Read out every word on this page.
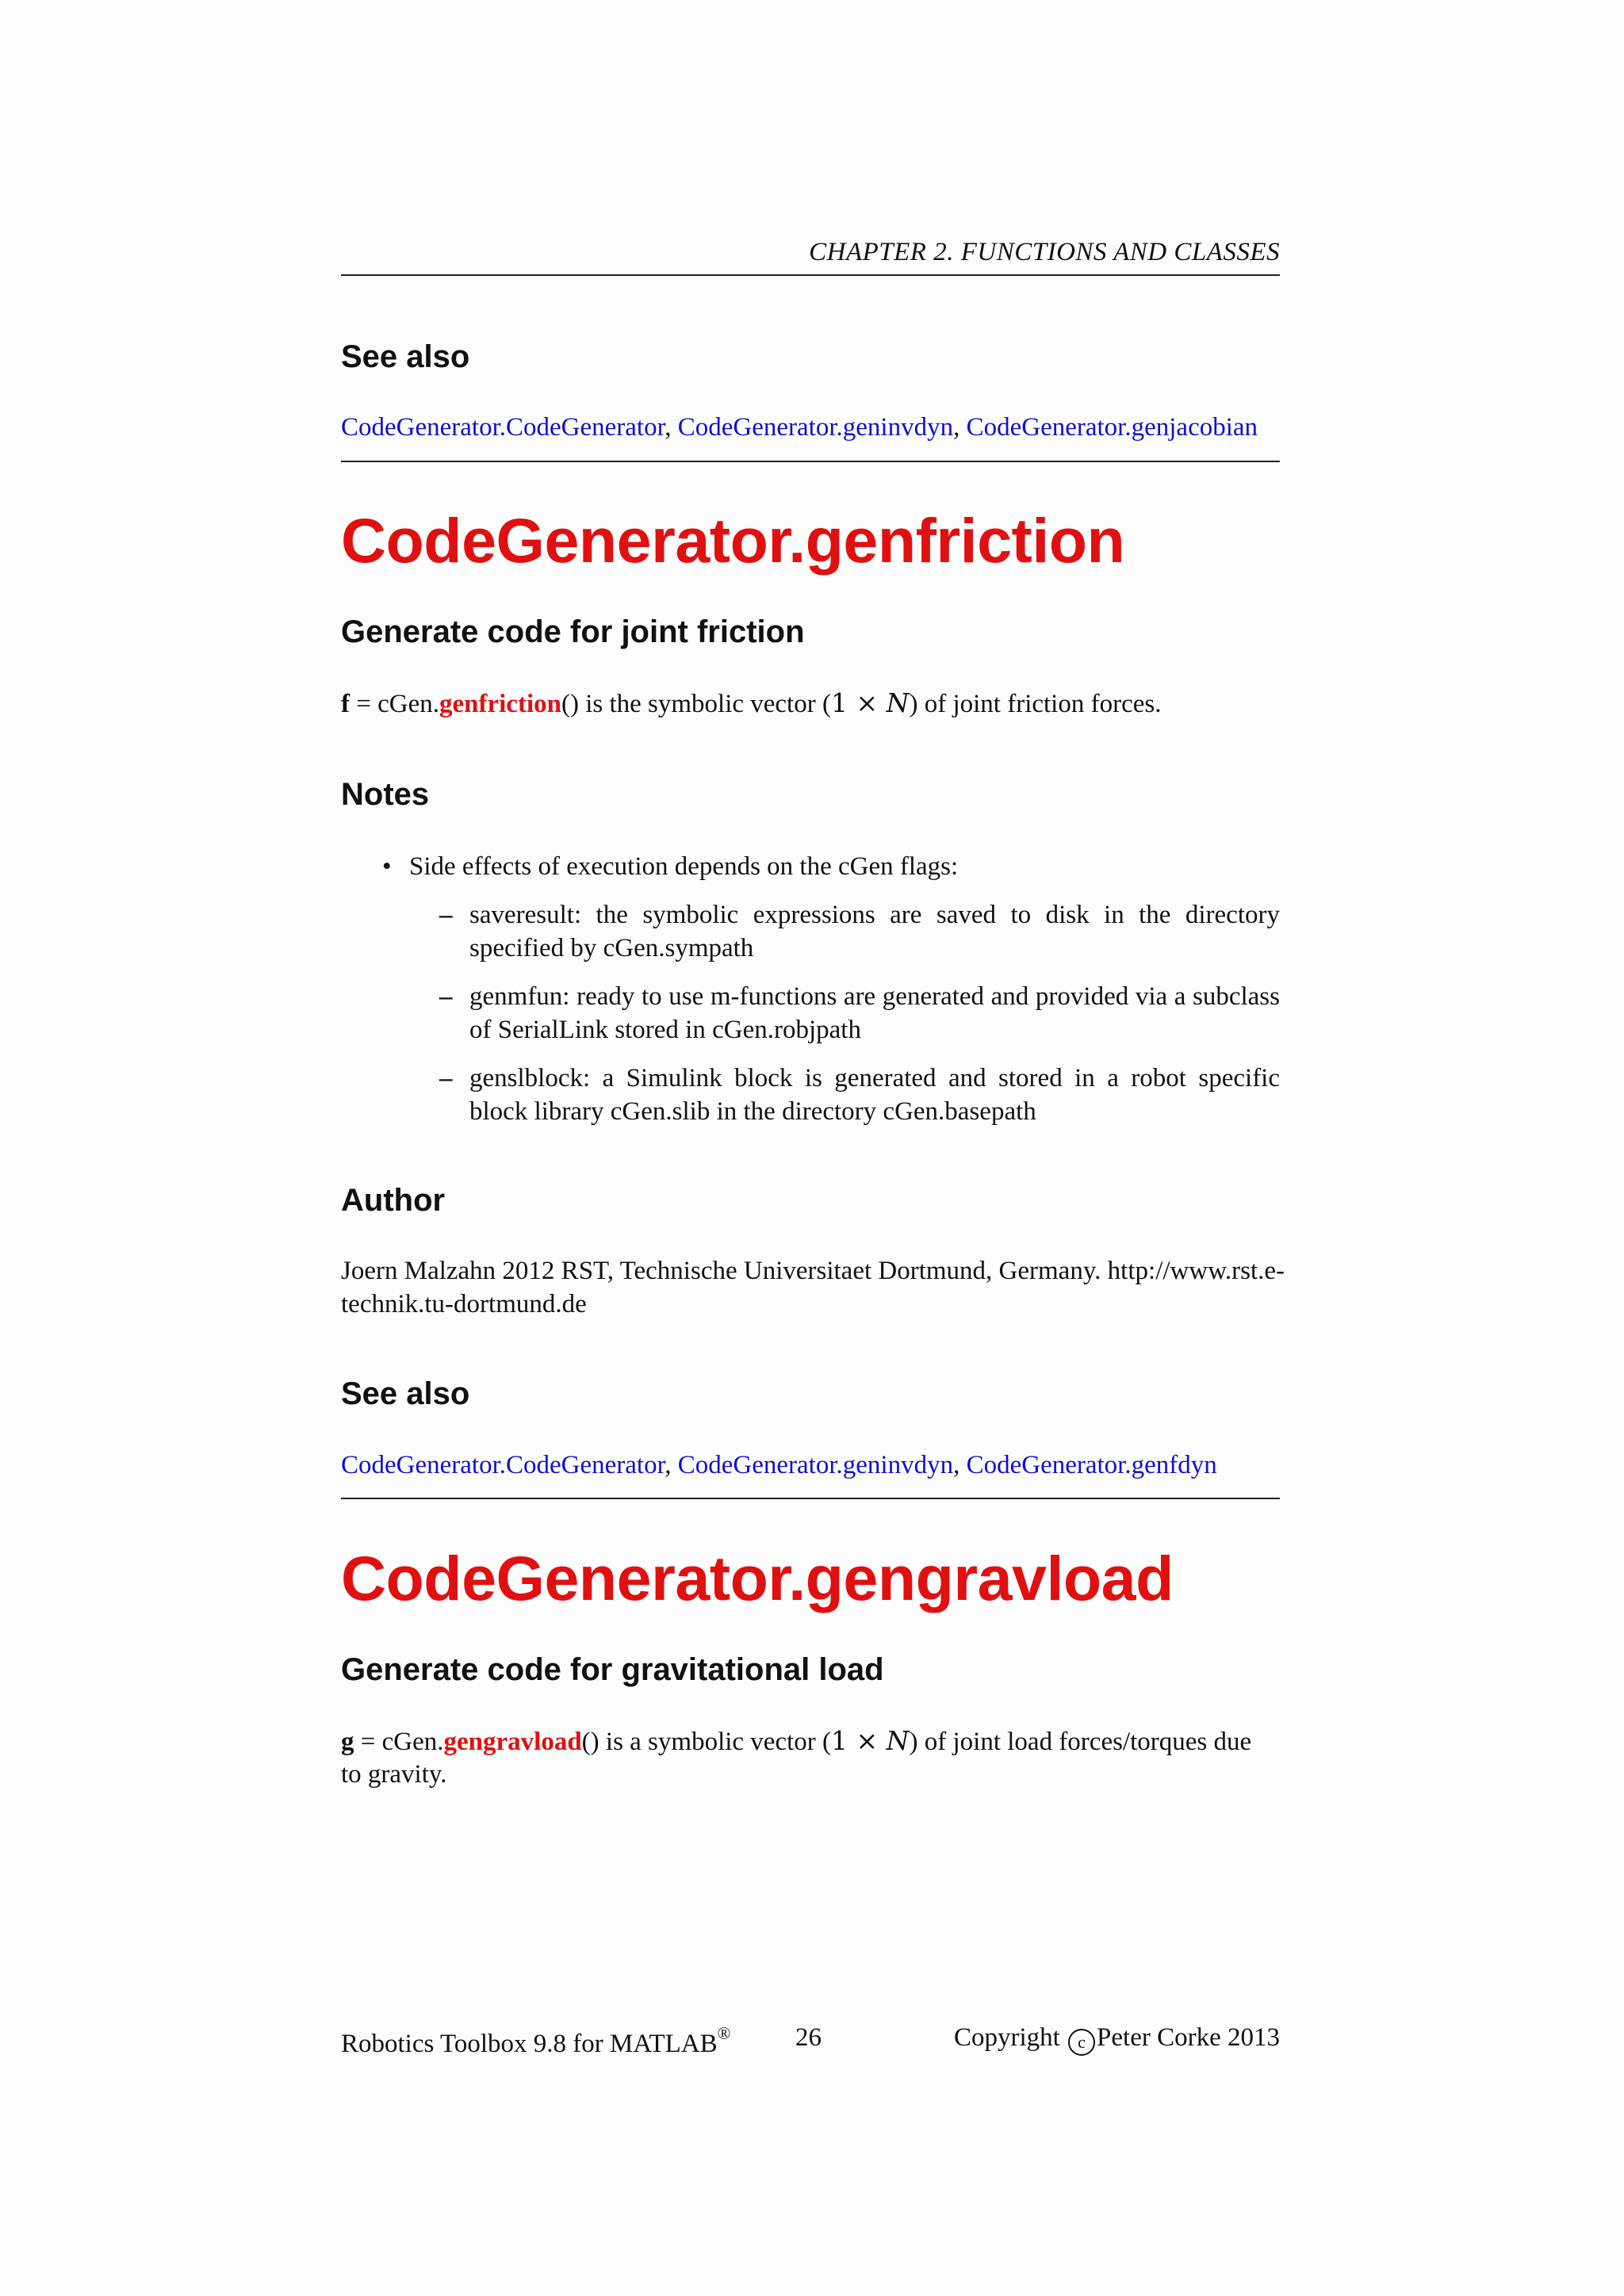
CHAPTER 2. FUNCTIONS AND CLASSES
See also
CodeGenerator.CodeGenerator, CodeGenerator.geninvdyn, CodeGenerator.genjacobian
CodeGenerator.genfriction
Generate code for joint friction
f = cGen.genfriction() is the symbolic vector (1 × N) of joint friction forces.
Notes
• Side effects of execution depends on the cGen flags:
– saveresult: the symbolic expressions are saved to disk in the directory specified by cGen.sympath
– genmfun: ready to use m-functions are generated and provided via a subclass of SerialLink stored in cGen.robjpath
– genslblock: a Simulink block is generated and stored in a robot specific block library cGen.slib in the directory cGen.basepath
Author
Joern Malzahn 2012 RST, Technische Universitaet Dortmund, Germany. http://www.rst.e-
technik.tu-dortmund.de
See also
CodeGenerator.CodeGenerator, CodeGenerator.geninvdyn, CodeGenerator.genfdyn
CodeGenerator.gengravload
Generate code for gravitational load
g = cGen.gengravload() is a symbolic vector (1 × N) of joint load forces/torques due
to gravity.
Robotics Toolbox 9.8 for MATLAB® 26	Copyright c Peter Corke 2013
